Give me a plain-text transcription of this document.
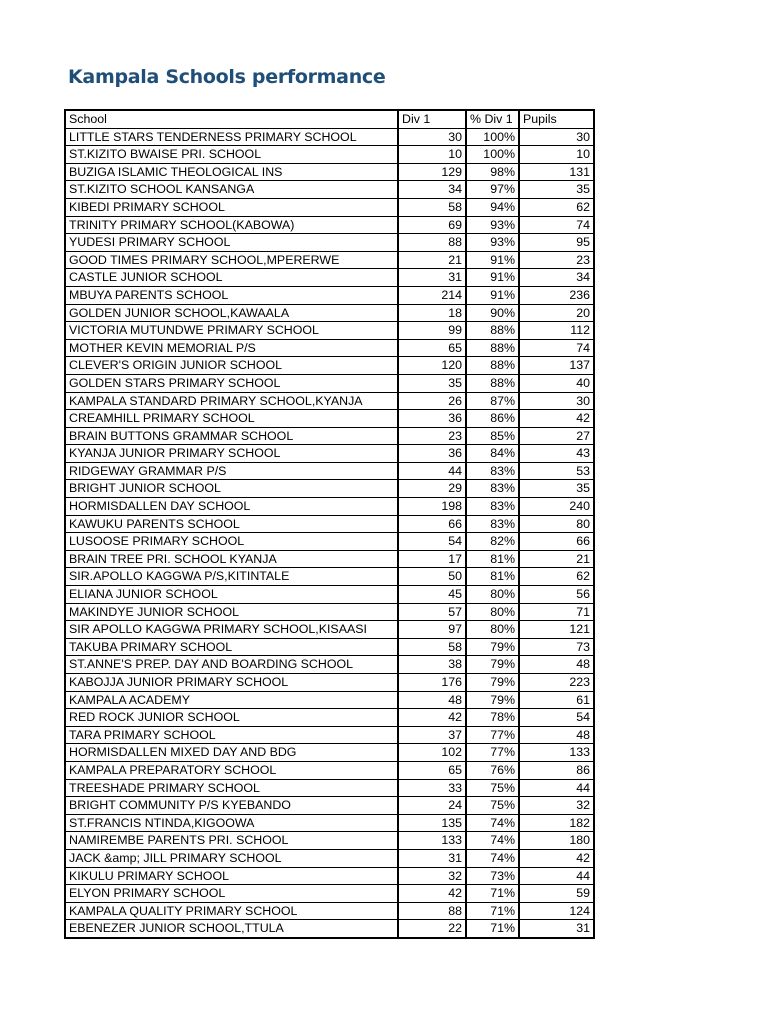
Kampala Schools performance
School	Div 1	% Div 1	Pupils
LITTLE STARS TENDERNESS PRIMARY SCHOOL	30	100%	30
ST.KIZITO BWAISE PRI. SCHOOL	10	100%	10
BUZIGA ISLAMIC THEOLOGICAL INS	129	98%	131
ST.KIZITO SCHOOL KANSANGA	34	97%	35
KIBEDI PRIMARY SCHOOL	58	94%	62
TRINITY PRIMARY SCHOOL(KABOWA)	69	93%	74
YUDESI PRIMARY SCHOOL	88	93%	95
GOOD TIMES PRIMARY SCHOOL,MPERERWE	21	91%	23
CASTLE JUNIOR SCHOOL	31	91%	34
MBUYA PARENTS SCHOOL	214	91%	236
GOLDEN JUNIOR SCHOOL,KAWAALA	18	90%	20
VICTORIA MUTUNDWE PRIMARY SCHOOL	99	88%	112
MOTHER KEVIN MEMORIAL P/S	65	88%	74
CLEVER'S ORIGIN JUNIOR SCHOOL	120	88%	137
GOLDEN STARS PRIMARY SCHOOL	35	88%	40
KAMPALA STANDARD PRIMARY SCHOOL,KYANJA	26	87%	30
CREAMHILL PRIMARY SCHOOL	36	86%	42
BRAIN BUTTONS GRAMMAR SCHOOL	23	85%	27
KYANJA JUNIOR PRIMARY SCHOOL	36	84%	43
RIDGEWAY GRAMMAR P/S	44	83%	53
BRIGHT JUNIOR SCHOOL	29	83%	35
HORMISDALLEN DAY SCHOOL	198	83%	240
KAWUKU PARENTS SCHOOL	66	83%	80
LUSOOSE PRIMARY SCHOOL	54	82%	66
BRAIN TREE PRI. SCHOOL KYANJA	17	81%	21
SIR.APOLLO KAGGWA P/S,KITINTALE	50	81%	62
ELIANA JUNIOR SCHOOL	45	80%	56
MAKINDYE JUNIOR SCHOOL	57	80%	71
SIR APOLLO KAGGWA PRIMARY SCHOOL,KISAASI	97	80%	121
TAKUBA PRIMARY SCHOOL	58	79%	73
ST.ANNE'S PREP. DAY AND BOARDING SCHOOL	38	79%	48
KABOJJA JUNIOR PRIMARY SCHOOL	176	79%	223
KAMPALA ACADEMY	48	79%	61
RED ROCK JUNIOR SCHOOL	42	78%	54
TARA PRIMARY SCHOOL	37	77%	48
HORMISDALLEN MIXED DAY AND BDG	102	77%	133
KAMPALA PREPARATORY SCHOOL	65	76%	86
TREESHADE PRIMARY SCHOOL	33	75%	44
BRIGHT COMMUNITY P/S KYEBANDO	24	75%	32
ST.FRANCIS NTINDA,KIGOOWA	135	74%	182
NAMIREMBE PARENTS PRI. SCHOOL	133	74%	180
JACK &amp; JILL PRIMARY SCHOOL	31	74%	42
KIKULU PRIMARY SCHOOL	32	73%	44
ELYON PRIMARY SCHOOL	42	71%	59
KAMPALA QUALITY PRIMARY SCHOOL	88	71%	124
EBENEZER JUNIOR SCHOOL,TTULA	22	71%	31
